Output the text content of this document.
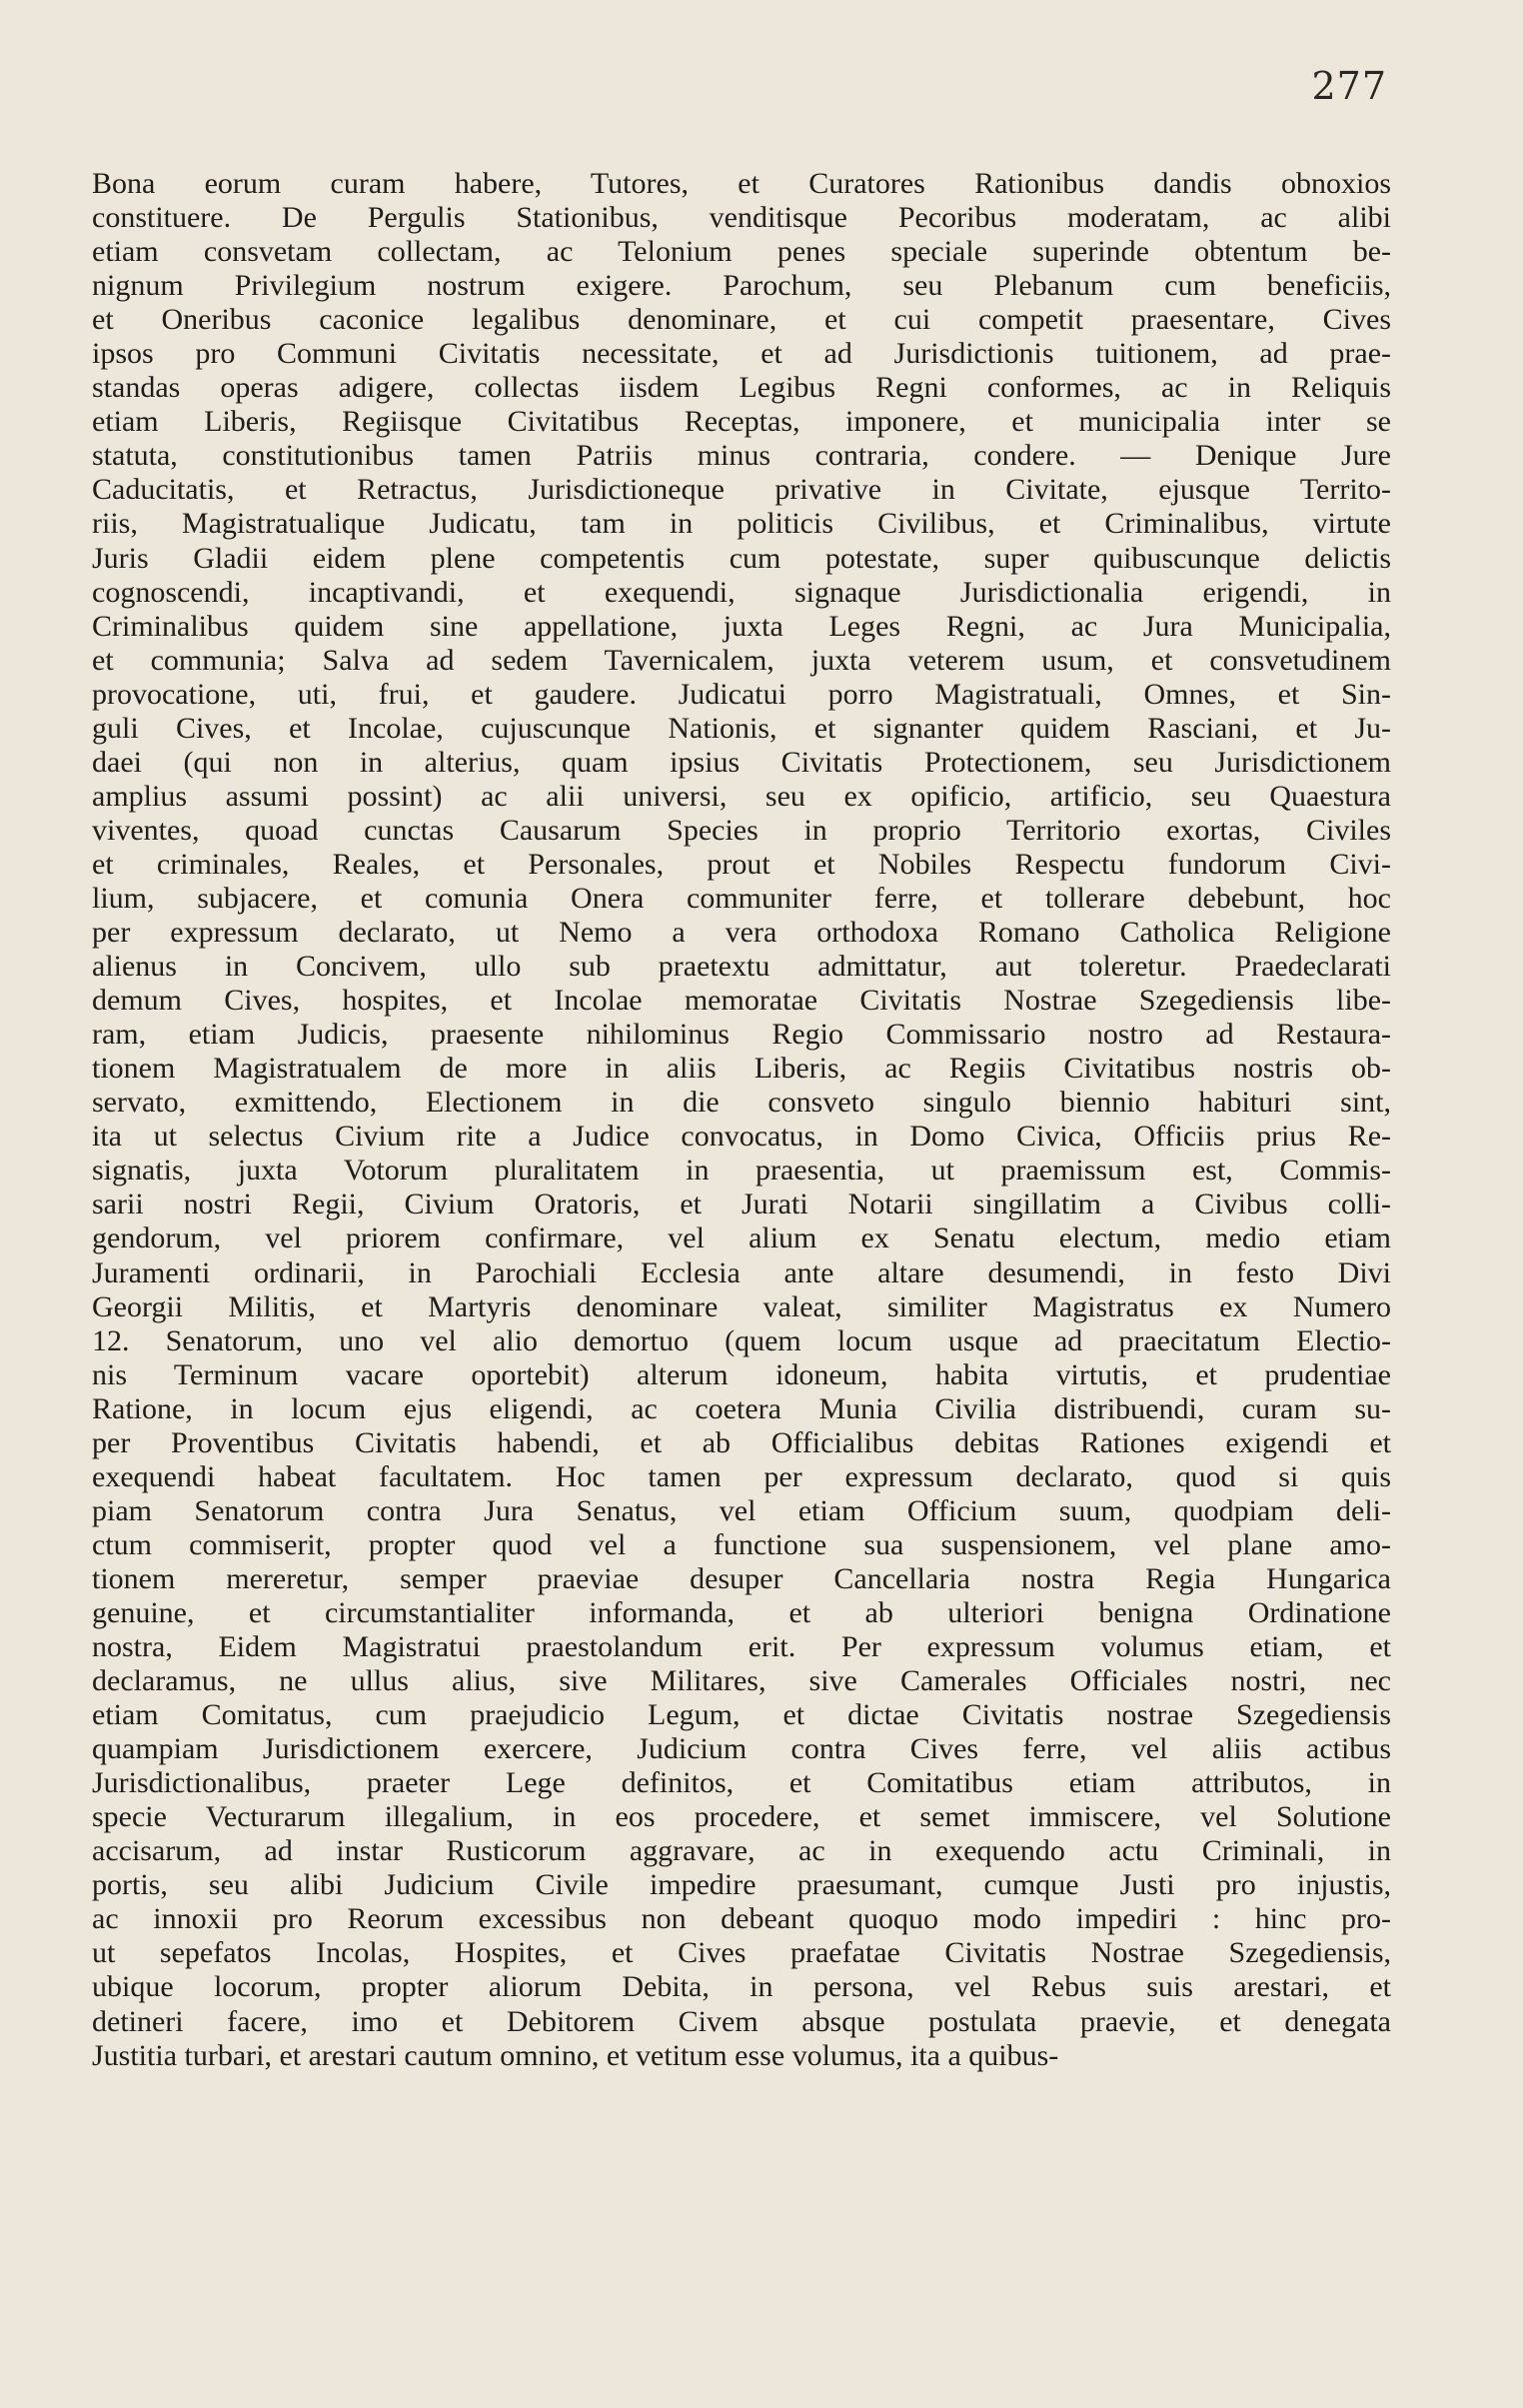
277
Bona eorum curam habere, Tutores, et Curatores Rationibus dandis obnoxios
constituere. De Pergulis Stationibus, venditisque Pecoribus moderatam, ac alibi
etiam consvetam collectam, ac Telonium penes speciale superinde obtentum be-
nignum Privilegium nostrum exigere. Parochum, seu Plebanum cum beneficiis,
et Oneribus caconice legalibus denominare, et cui competit praesentare, Cives
ipsos pro Communi Civitatis necessitate, et ad Jurisdictionis tuitionem, ad prae-
standas operas adigere, collectas iisdem Legibus Regni conformes, ac in Reliquis
etiam Liberis, Regiisque Civitatibus Receptas, imponere, et municipalia inter se
statuta, constitutionibus tamen Patriis minus contraria, condere. — Denique Jure
Caducitatis, et Retractus, Jurisdictioneque privative in Civitate, ejusque Territo-
riis, Magistratualique Judicatu, tam in politicis Civilibus, et Criminalibus, virtute
Juris Gladii eidem plene competentis cum potestate, super quibuscunque delictis
cognoscendi, incaptivandi, et exequendi, signaque Jurisdictionalia erigendi, in
Criminalibus quidem sine appellatione, juxta Leges Regni, ac Jura Municipalia,
et communia; Salva ad sedem Tavernicalem, juxta veterem usum, et consvetudinem
provocatione, uti, frui, et gaudere. Judicatui porro Magistratuali, Omnes, et Sin-
guli Cives, et Incolae, cujuscunque Nationis, et signanter quidem Rasciani, et Ju-
daei (qui non in alterius, quam ipsius Civitatis Protectionem, seu Jurisdictionem
amplius assumi possint) ac alii universi, seu ex opificio, artificio, seu Quaestura
viventes, quoad cunctas Causarum Species in proprio Territorio exortas, Civiles
et criminales, Reales, et Personales, prout et Nobiles Respectu fundorum Civi-
lium, subjacere, et comunia Onera communiter ferre, et tollerare debebunt, hoc
per expressum declarato, ut Nemo a vera orthodoxa Romano Catholica Religione
alienus in Concivem, ullo sub praetextu admittatur, aut toleretur. Praedeclarati
demum Cives, hospites, et Incolae memoratae Civitatis Nostrae Szegediensis libe-
ram, etiam Judicis, praesente nihilominus Regio Commissario nostro ad Restaura-
tionem Magistratualem de more in aliis Liberis, ac Regiis Civitatibus nostris ob-
servato, exmittendo, Electionem in die consveto singulo biennio habituri sint,
ita ut selectus Civium rite a Judice convocatus, in Domo Civica, Officiis prius Re-
signatis, juxta Votorum pluralitatem in praesentia, ut praemissum est, Commis-
sarii nostri Regii, Civium Oratoris, et Jurati Notarii singillatim a Civibus colli-
gendorum, vel priorem confirmare, vel alium ex Senatu electum, medio etiam
Juramenti ordinarii, in Parochiali Ecclesia ante altare desumendi, in festo Divi
Georgii Militis, et Martyris denominare valeat, similiter Magistratus ex Numero
12. Senatorum, uno vel alio demortuo (quem locum usque ad praecitatum Electio-
nis Terminum vacare oportebit) alterum idoneum, habita virtutis, et prudentiae
Ratione, in locum ejus eligendi, ac coetera Munia Civilia distribuendi, curam su-
per Proventibus Civitatis habendi, et ab Officialibus debitas Rationes exigendi et
exequendi habeat facultatem. Hoc tamen per expressum declarato, quod si quis
piam Senatorum contra Jura Senatus, vel etiam Officium suum, quodpiam deli-
ctum commiserit, propter quod vel a functione sua suspensionem, vel plane amo-
tionem mereretur, semper praeviae desuper Cancellaria nostra Regia Hungarica
genuine, et circumstantialiter informanda, et ab ulteriori benigna Ordinatione
nostra, Eidem Magistratui praestolandum erit. Per expressum volumus etiam, et
declaramus, ne ullus alius, sive Militares, sive Camerales Officiales nostri, nec
etiam Comitatus, cum praejudicio Legum, et dictae Civitatis nostrae Szegediensis
quampiam Jurisdictionem exercere, Judicium contra Cives ferre, vel aliis actibus
Jurisdictionalibus, praeter Lege definitos, et Comitatibus etiam attributos, in
specie Vecturarum illegalium, in eos procedere, et semet immiscere, vel Solutione
accisarum, ad instar Rusticorum aggravare, ac in exequendo actu Criminali, in
portis, seu alibi Judicium Civile impedire praesumant, cumque Justi pro injustis,
ac innoxii pro Reorum excessibus non debeant quoquo modo impediri : hinc pro-
ut sepefatos Incolas, Hospites, et Cives praefatae Civitatis Nostrae Szegediensis,
ubique locorum, propter aliorum Debita, in persona, vel Rebus suis arestari, et
detineri facere, imo et Debitorem Civem absque postulata praevie, et denegata
Justitia turbari, et arestari cautum omnino, et vetitum esse volumus, ita a quibus-
